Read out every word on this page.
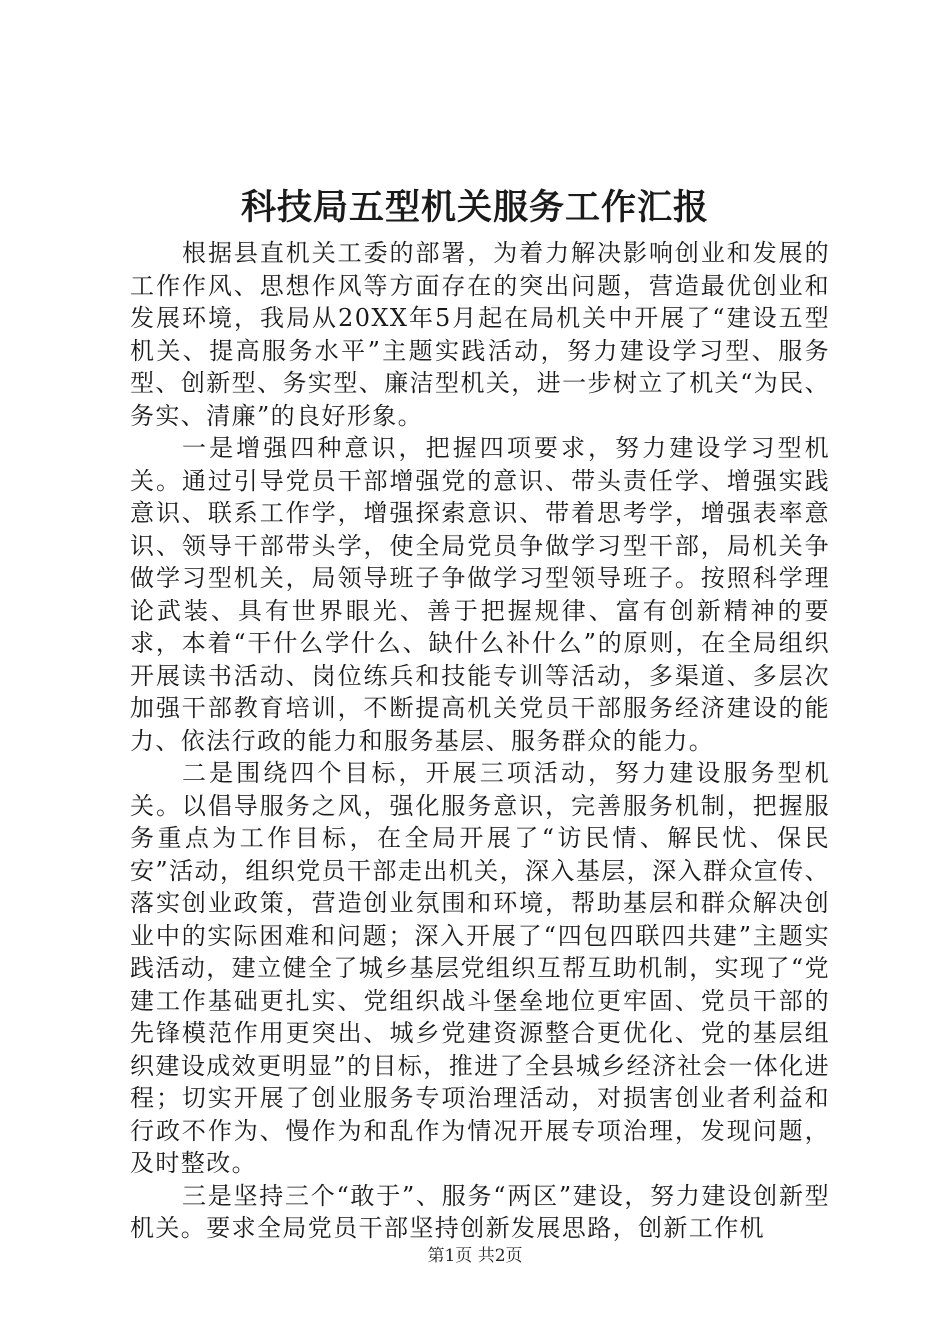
科技局五型机关服务工作汇报

根据县直机关工委的部署，为着力解决影响创业和发展的工作作风、思想作风等方面存在的突出问题，营造最优创业和发展环境，我局从20XX年5月起在局机关中开展了“建设五型机关、提高服务水平”主题实践活动，努力建设学习型、服务型、创新型、务实型、廉洁型机关，进一步树立了机关“为民、务实、清廉”的良好形象。

一是增强四种意识，把握四项要求，努力建设学习型机关。通过引导党员干部增强党的意识、带头责任学、增强实践意识、联系工作学，增强探索意识、带着思考学，增强表率意识、领导干部带头学，使全局党员争做学习型干部，局机关争做学习型机关，局领导班子争做学习型领导班子。按照科学理论武装、具有世界眼光、善于把握规律、富有创新精神的要求，本着“干什么学什么、缺什么补什么”的原则，在全局组织开展读书活动、岗位练兵和技能专训等活动，多渠道、多层次加强干部教育培训，不断提高机关党员干部服务经济建设的能力、依法行政的能力和服务基层、服务群众的能力。

二是围绕四个目标，开展三项活动，努力建设服务型机关。以倡导服务之风，强化服务意识，完善服务机制，把握服务重点为工作目标，在全局开展了“访民情、解民忧、保民安”活动，组织党员干部走出机关，深入基层，深入群众宣传、落实创业政策，营造创业氛围和环境，帮助基层和群众解决创业中的实际困难和问题；深入开展了“四包四联四共建”主题实践活动，建立健全了城乡基层党组织互帮互助机制，实现了“党建工作基础更扎实、党组织战斗堡垒地位更牢固、党员干部的先锋模范作用更突出、城乡党建资源整合更优化、党的基层组织建设成效更明显”的目标，推进了全县城乡经济社会一体化进程；切实开展了创业服务专项治理活动，对损害创业者利益和行政不作为、慢作为和乱作为情况开展专项治理，发现问题，及时整改。

三是坚持三个“敢于”、服务“两区”建设，努力建设创新型机关。要求全局党员干部坚持创新发展思路，创新工作机

第1页 共2页
